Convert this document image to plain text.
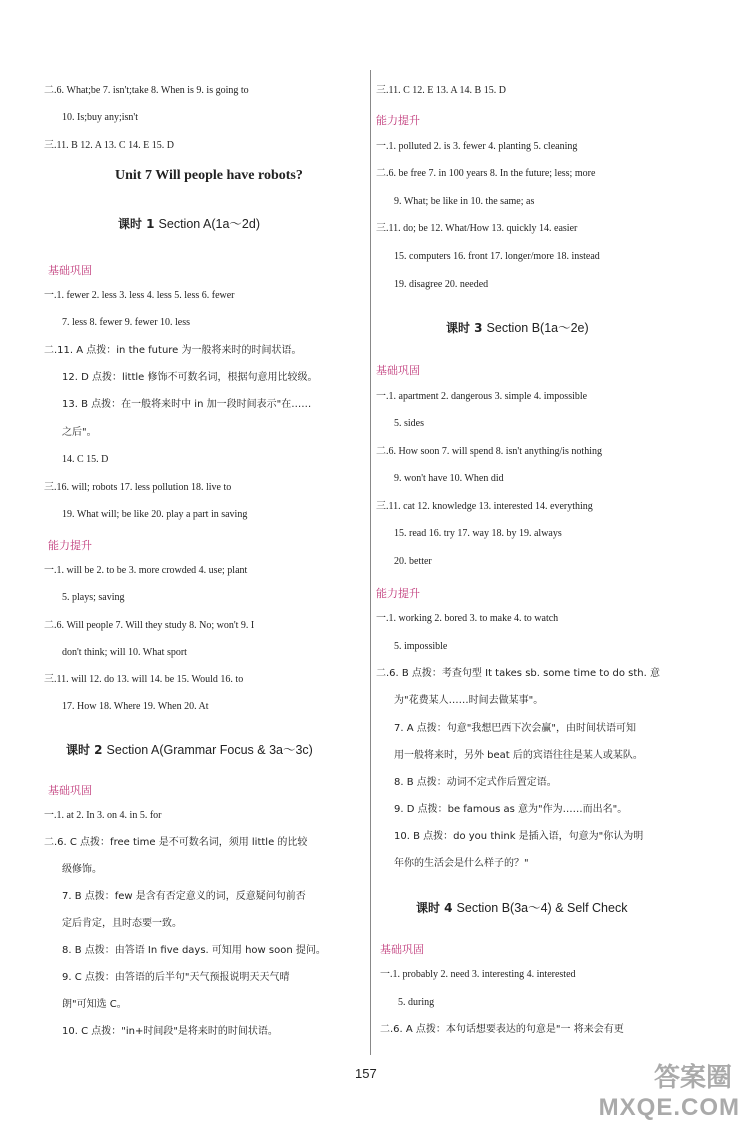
二.6. What;be 7. isn't;take 8. When is 9. is going to
10. Is;buy any;isn't
三.11. B 12. A 13. C 14. E 15. D
Unit 7 Will people have robots?
课时 1 Section A(1a～2d)
基础巩固
一.1. fewer 2. less 3. less 4. less 5. less 6. fewer
7. less 8. fewer 9. fewer 10. less
二.11. A 点拨：in the future 为一般将来时的时间状语。
12. D 点拨：little 修饰不可数名词，根据句意用比较级。
13. B 点拨：在一般将来时中 in 加一段时间表示"在……
之后"。
14. C 15. D
三.16. will; robots 17. less pollution 18. live to
19. What will; be like 20. play a part in saving
能力提升
一.1. will be 2. to be 3. more crowded 4. use; plant
5. plays; saving
二.6. Will people 7. Will they study 8. No; won't 9. I
don't think; will 10. What sport
三.11. will 12. do 13. will 14. be 15. Would 16. to
17. How 18. Where 19. When 20. At
课时 2 Section A(Grammar Focus & 3a～3c)
基础巩固
一.1. at 2. In 3. on 4. in 5. for
二.6. C 点拨：free time 是不可数名词，须用 little 的比较
级修饰。
7. B 点拨：few 是含有否定意义的词，反意疑问句前否
定后肯定，且时态要一致。
8. B 点拨：由答语 In five days. 可知用 how soon 提问。
9. C 点拨：由答语的后半句"天气预报说明天天气晴
朗"可知选 C。
10. C 点拨："in+时间段"是将来时的时间状语。
三.11. C 12. E 13. A 14. B 15. D
能力提升
一.1. polluted 2. is 3. fewer 4. planting 5. cleaning
二.6. be free 7. in 100 years 8. In the future; less; more
9. What; be like in 10. the same; as
三.11. do; be 12. What/How 13. quickly 14. easier
15. computers 16. front 17. longer/more 18. instead
19. disagree 20. needed
课时 3 Section B(1a～2e)
基础巩固
一.1. apartment 2. dangerous 3. simple 4. impossible
5. sides
二.6. How soon 7. will spend 8. isn't anything/is nothing
9. won't have 10. When did
三.11. cat 12. knowledge 13. interested 14. everything
15. read 16. try 17. way 18. by 19. always
20. better
能力提升
一.1. working 2. bored 3. to make 4. to watch
5. impossible
二.6. B 点拨：考查句型 It takes sb. some time to do sth. 意
为"花费某人……时间去做某事"。
7. A 点拨：句意"我想巴西下次会赢"，由时间状语可知
用一般将来时，另外 beat 后的宾语往往是某人或某队。
8. B 点拨：动词不定式作后置定语。
9. D 点拨：be famous as 意为"作为……而出名"。
10. B 点拨：do you think 是插入语，句意为"你认为明
年你的生活会是什么样子的？"
课时 4 Section B(3a～4) & Self Check
基础巩固
一.1. probably 2. need 3. interesting 4. interested
5. during
二.6. A 点拨：本句话想要表达的句意是"一 将来会有更
157	答案圈
MXQE.COM
